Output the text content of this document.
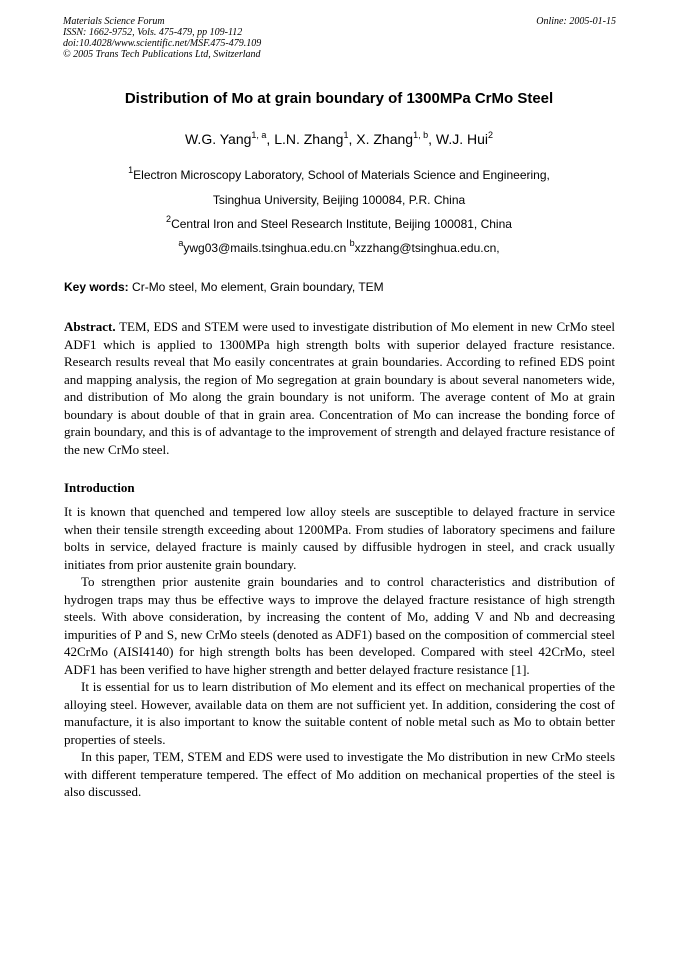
Materials Science Forum
ISSN: 1662-9752, Vols. 475-479, pp 109-112
doi:10.4028/www.scientific.net/MSF.475-479.109
© 2005 Trans Tech Publications Ltd, Switzerland
Online: 2005-01-15
Distribution of Mo at grain boundary of 1300MPa CrMo Steel
W.G. Yang$^{1, a}$, L.N. Zhang$^1$, X. Zhang$^{1, b}$, W.J. Hui$^2$
$^1$Electron Microscopy Laboratory, School of Materials Science and Engineering,
Tsinghua University, Beijing 100084, P.R. China
$^2$Central Iron and Steel Research Institute, Beijing 100081, China
$^a$ywg03@mails.tsinghua.edu.cn $^b$xzzhang@tsinghua.edu.cn,
Key words: Cr-Mo steel, Mo element, Grain boundary, TEM

Abstract. TEM, EDS and STEM were used to investigate distribution of Mo element in new CrMo steel ADF1 which is applied to 1300MPa high strength bolts with superior delayed fracture resistance. Research results reveal that Mo easily concentrates at grain boundaries. According to refined EDS point and mapping analysis, the region of Mo segregation at grain boundary is about several nanometers wide, and distribution of Mo along the grain boundary is not uniform. The average content of Mo at grain boundary is about double of that in grain area. Concentration of Mo can increase the bonding force of grain boundary, and this is of advantage to the improvement of strength and delayed fracture resistance of the new CrMo steel.

Introduction

It is known that quenched and tempered low alloy steels are susceptible to delayed fracture in service when their tensile strength exceeding about 1200MPa. From studies of laboratory specimens and failure bolts in service, delayed fracture is mainly caused by diffusible hydrogen in steel, and crack usually initiates from prior austenite grain boundary.

To strengthen prior austenite grain boundaries and to control characteristics and distribution of hydrogen traps may thus be effective ways to improve the delayed fracture resistance of high strength steels. With above consideration, by increasing the content of Mo, adding V and Nb and decreasing impurities of P and S, new CrMo steels (denoted as ADF1) based on the composition of commercial steel 42CrMo (AISI4140) for high strength bolts has been developed. Compared with steel 42CrMo, steel ADF1 has been verified to have higher strength and better delayed fracture resistance [1].

It is essential for us to learn distribution of Mo element and its effect on mechanical properties of the alloying steel. However, available data on them are not sufficient yet. In addition, considering the cost of manufacture, it is also important to know the suitable content of noble metal such as Mo to obtain better properties of steels.

In this paper, TEM, STEM and EDS were used to investigate the Mo distribution in new CrMo steels with different temperature tempered. The effect of Mo addition on mechanical properties of the steel is also discussed.
